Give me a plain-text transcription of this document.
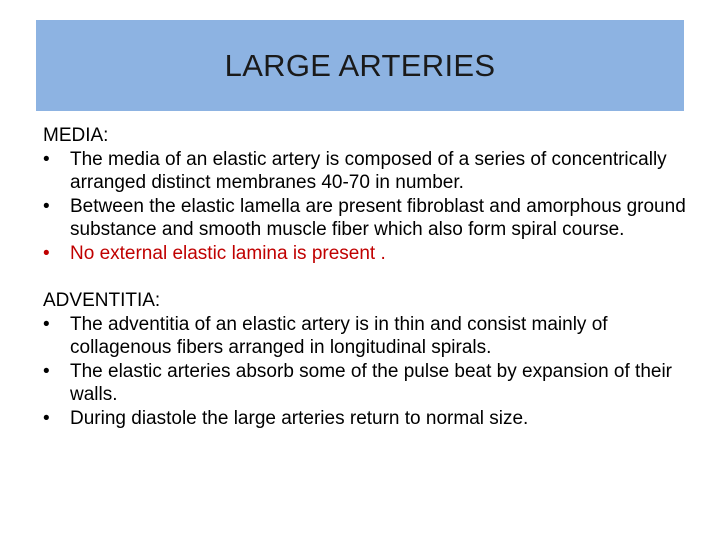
LARGE ARTERIES
MEDIA:
• The media of an elastic artery is composed of a series of concentrically arranged distinct membranes 40-70 in number.
• Between the elastic lamella are present fibroblast and amorphous ground substance and smooth muscle fiber which also form spiral course.
• No external elastic lamina is present .
ADVENTITIA:
• The adventitia of an elastic artery is in thin and consist mainly of collagenous fibers arranged in longitudinal spirals.
• The elastic arteries absorb some of the pulse beat by expansion of their walls.
• During diastole the large arteries return to normal size.
